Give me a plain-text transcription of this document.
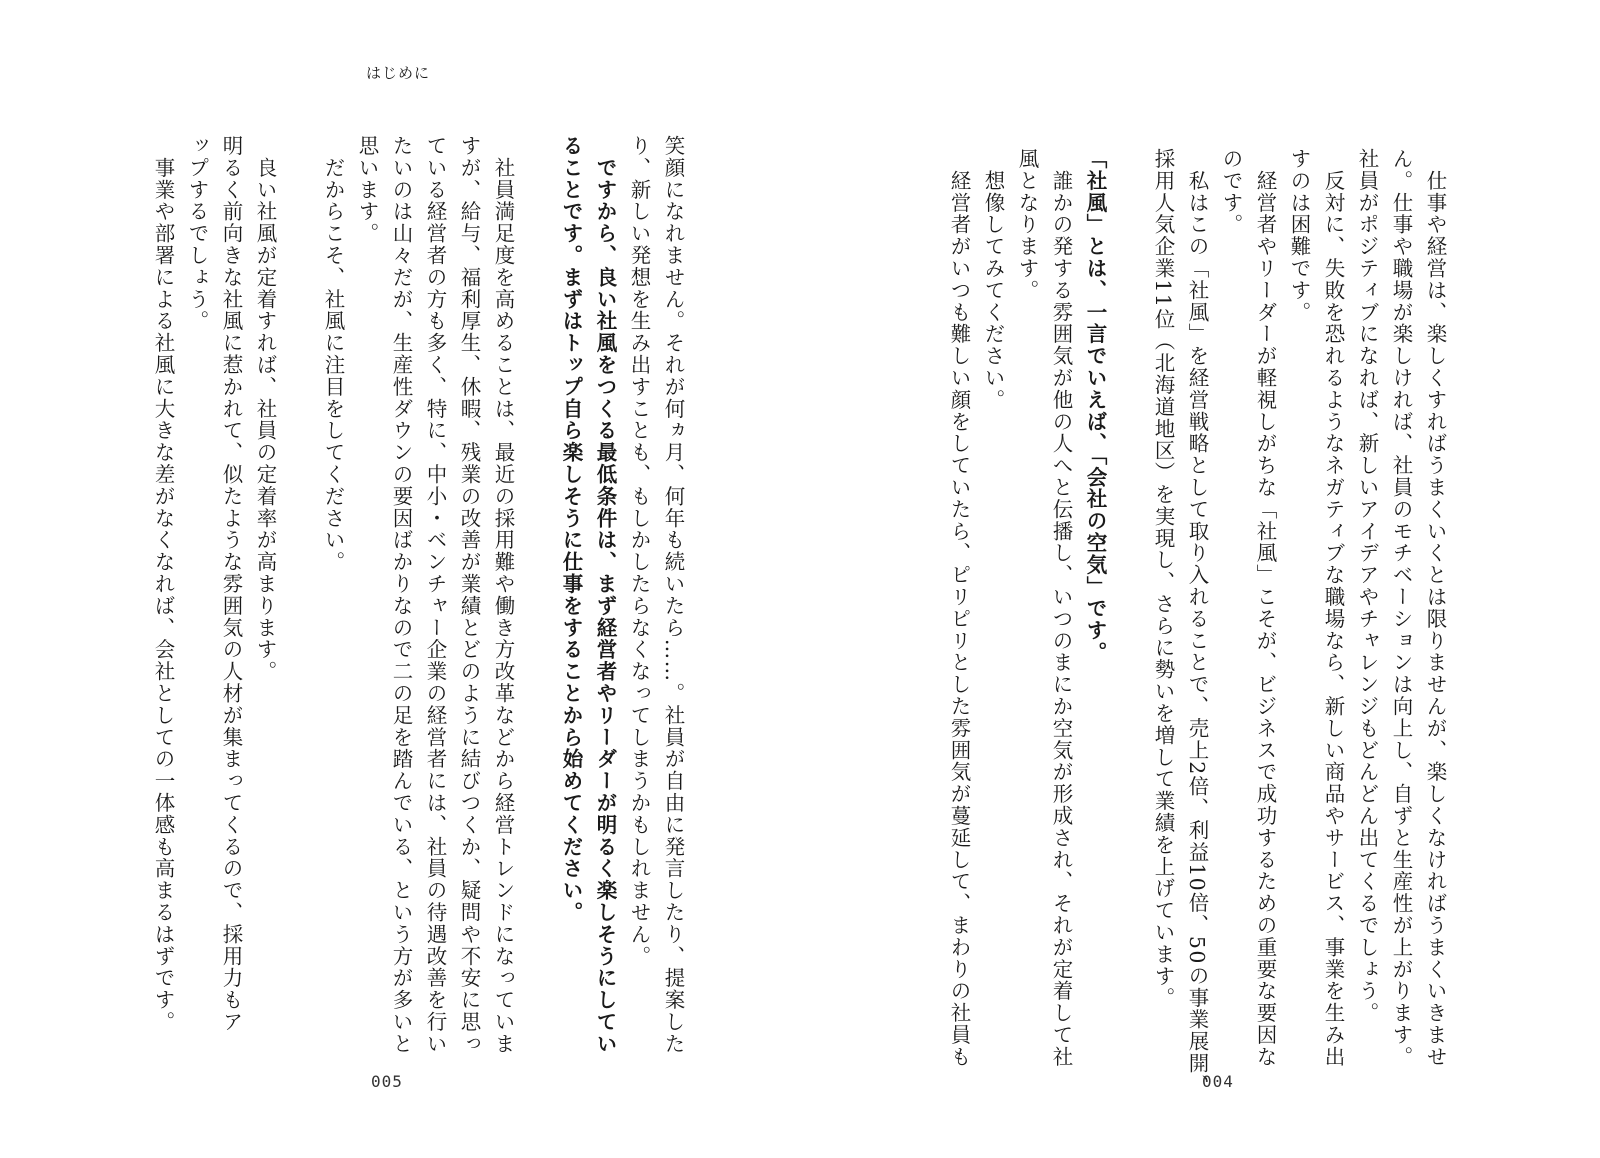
はじめに
笑顔になれません。それが何ヵ月、何年も続いたら……。社員が自由に発言したり、提案した
り、新しい発想を生み出すことも、もしかしたらなくなってしまうかもしれません。
　ですから、良い社風をつくる最低条件は、まず経営者やリーダーが明るく楽しそうにしてい
ることです。まずはトップ自ら楽しそうに仕事をすることから始めてください。

　社員満足度を高めることは、最近の採用難や働き方改革などから経営トレンドになっていま
すが、給与、福利厚生、休暇、残業の改善が業績とどのように結びつくか、疑問や不安に思っ
ている経営者の方も多く、特に、中小・ベンチャー企業の経営者には、社員の待遇改善を行い
たいのは山々だが、生産性ダウンの要因ばかりなので二の足を踏んでいる、という方が多いと
思います。
　だからこそ、社風に注目をしてください。

　良い社風が定着すれば、社員の定着率が高まります。
明るく前向きな社風に惹かれて、似たような雰囲気の人材が集まってくるので、採用力もア
ップするでしょう。
　事業や部署による社風に大きな差がなくなれば、会社としての一体感も高まるはずです。
005
　仕事や経営は、楽しくすればうまくいくとは限りませんが、楽しくなければうまくいきませ
ん。仕事や職場が楽しければ、社員のモチベーションは向上し、自ずと生産性が上がります。
社員がポジティブになれば、新しいアイデアやチャレンジもどんどん出てくるでしょう。
　反対に、失敗を恐れるようなネガティブな職場なら、新しい商品やサービス、事業を生み出
すのは困難です。
　経営者やリーダーが軽視しがちな「社風」こそが、ビジネスで成功するための重要な要因な
のです。
　私はこの「社風」を経営戦略として取り入れることで、売上2倍、利益10倍、50の事業展開、
採用人気企業11位（北海道地区）を実現し、さらに勢いを増して業績を上げています。

「社風」とは、一言でいえば、「会社の空気」です。
　誰かの発する雰囲気が他の人へと伝播し、いつのまにか空気が形成され、それが定着して社
風となります。
　想像してみてください。
　経営者がいつも難しい顔をしていたら、ピリピリとした雰囲気が蔓延して、まわりの社員も
004
